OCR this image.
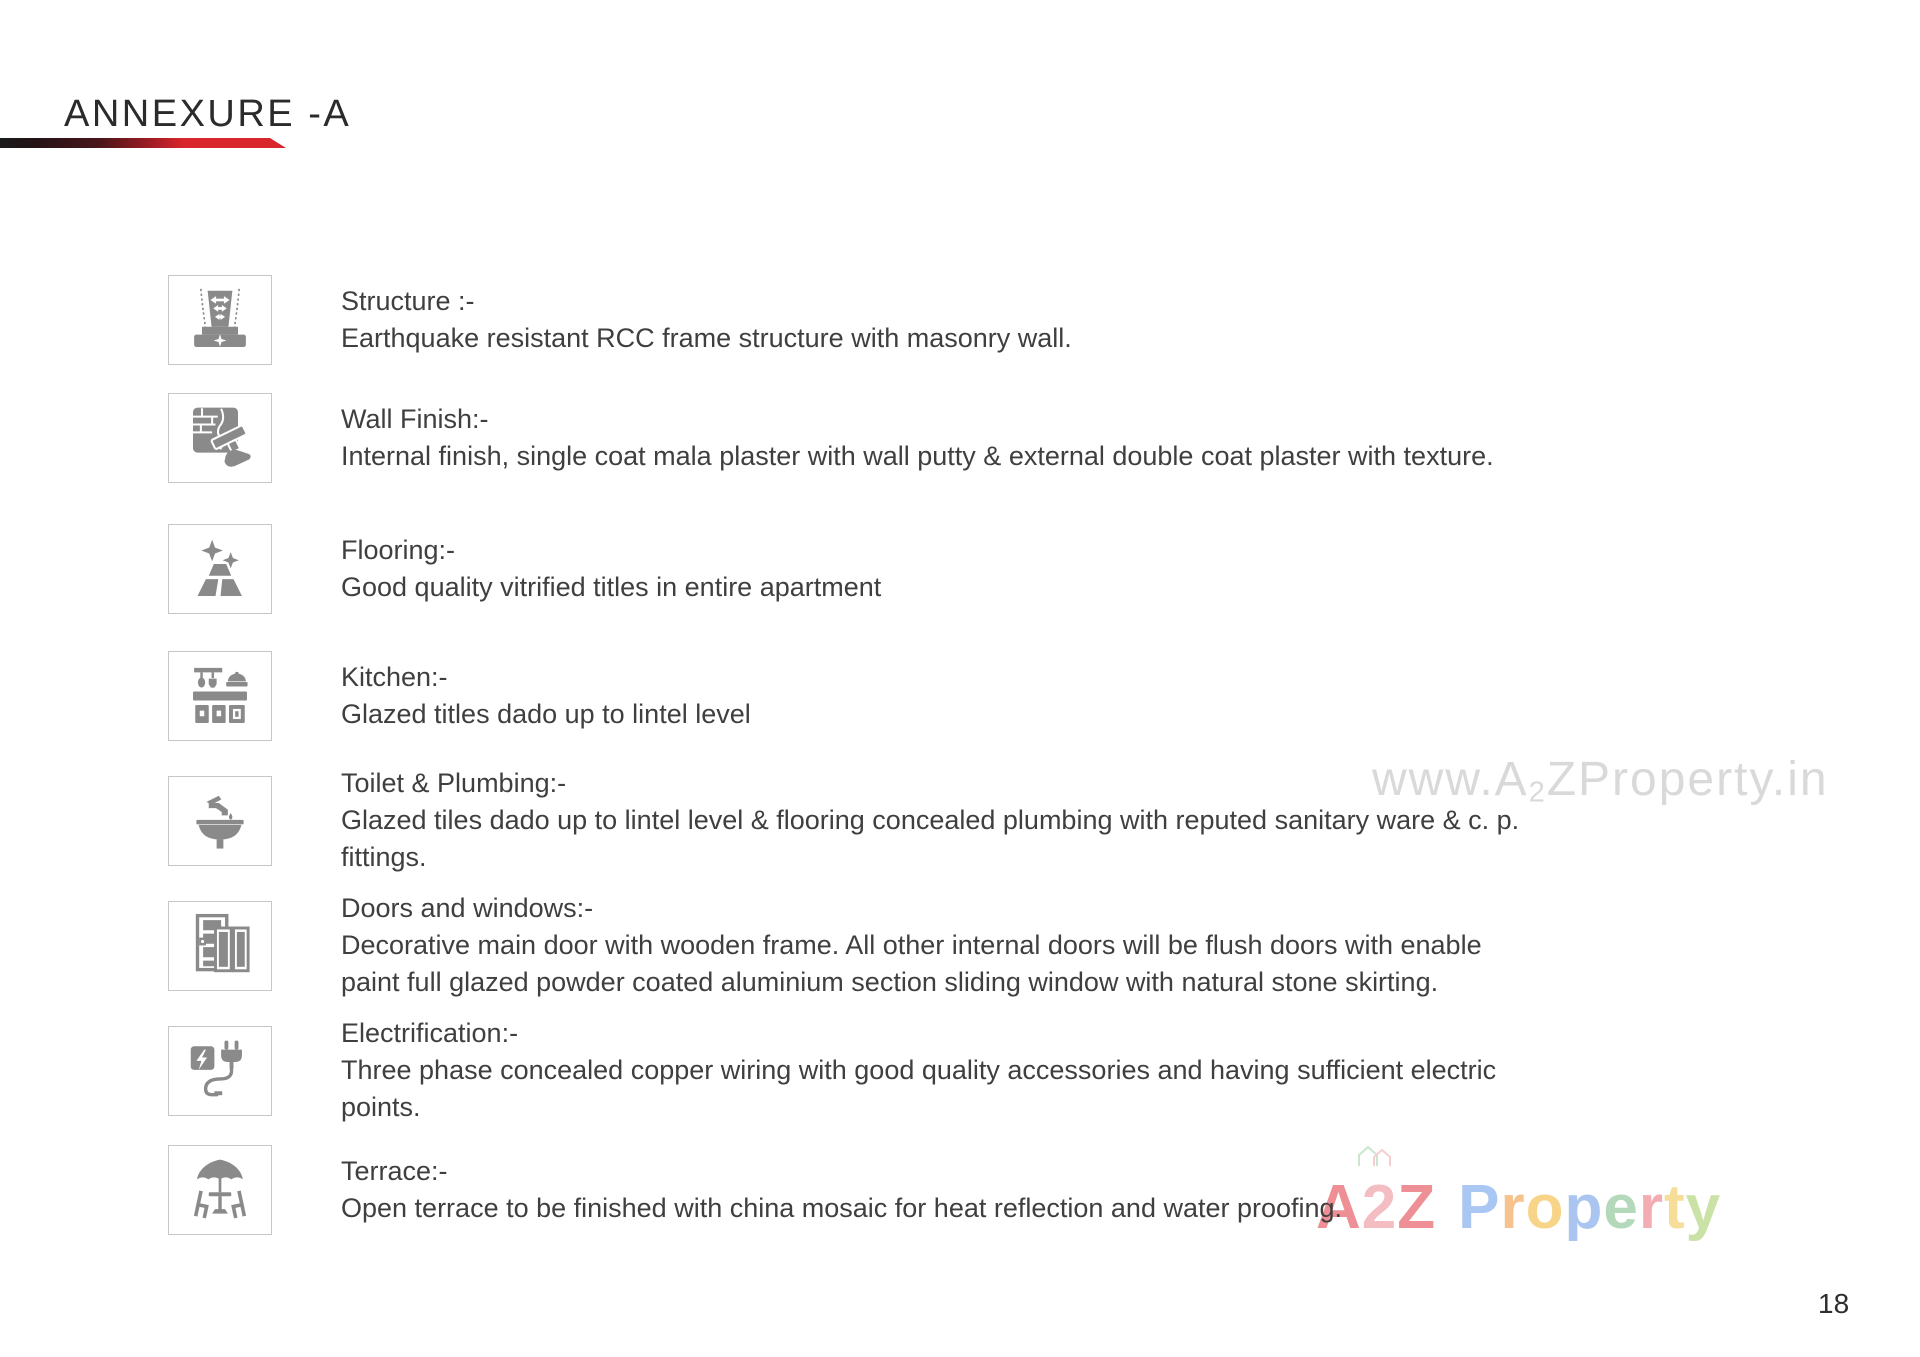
ANNEXURE -A
$www.A_2ZProperty.in$
A2Z Property
Structure :-
Earthquake resistant RCC frame structure with masonry wall.
Wall Finish:-
Internal finish, single coat mala plaster with wall putty & external double coat plaster with texture.
Flooring:-
Good quality vitrified titles in entire apartment
Kitchen:-
Glazed titles dado up to lintel level
Toilet & Plumbing:-
Glazed tiles dado up to lintel level & flooring concealed plumbing with reputed sanitary ware & c. p.
fittings.
Doors and windows:-
Decorative main door with wooden frame. All other internal doors will be flush doors with enable
paint full glazed powder coated aluminium section sliding window with natural stone skirting.
Electrification:-
Three phase concealed copper wiring with good quality accessories and having sufficient electric
points.
Terrace:-
Open terrace to be finished with china mosaic for heat reflection and water proofing.
18
